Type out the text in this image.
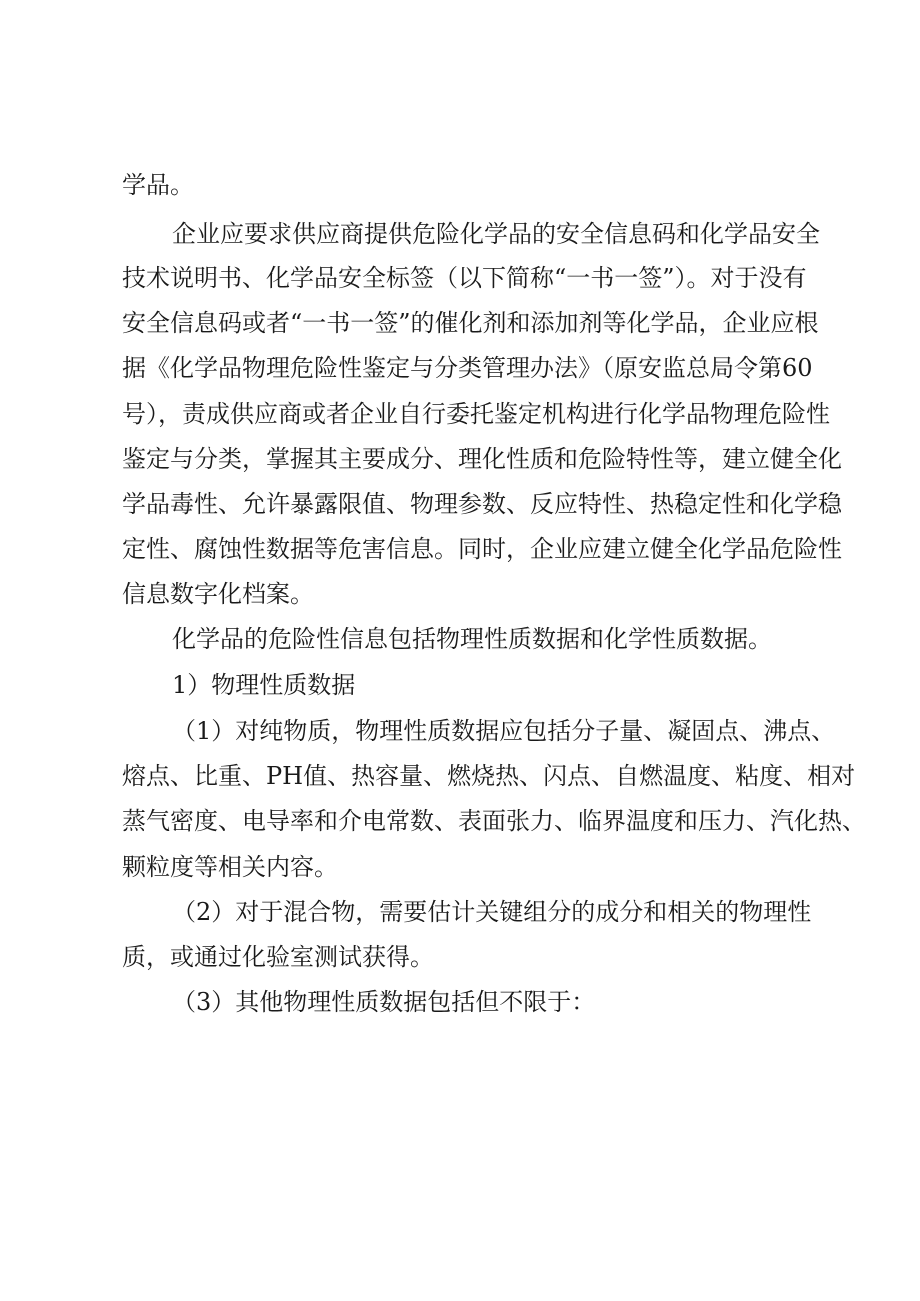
学品。

企业应要求供应商提供危险化学品的安全信息码和化学品安全

技术说明书、化学品安全标签（以下简称“一书一签”）。对于没有

安全信息码或者“一书一签”的催化剂和添加剂等化学品，企业应根

据《化学品物理危险性鉴定与分类管理办法》（原安监总局令第60

号），责成供应商或者企业自行委托鉴定机构进行化学品物理危险性

鉴定与分类，掌握其主要成分、理化性质和危险特性等，建立健全化

学品毒性、允许暴露限值、物理参数、反应特性、热稳定性和化学稳

定性、腐蚀性数据等危害信息。同时，企业应建立健全化学品危险性

信息数字化档案。

化学品的危险性信息包括物理性质数据和化学性质数据。

1）物理性质数据

（1）对纯物质，物理性质数据应包括分子量、凝固点、沸点、

熔点、比重、PH值、热容量、燃烧热、闪点、自燃温度、粘度、相对

蒸气密度、电导率和介电常数、表面张力、临界温度和压力、汽化热、

颗粒度等相关内容。

（2）对于混合物，需要估计关键组分的成分和相关的物理性

质，或通过化验室测试获得。

（3）其他物理性质数据包括但不限于：
